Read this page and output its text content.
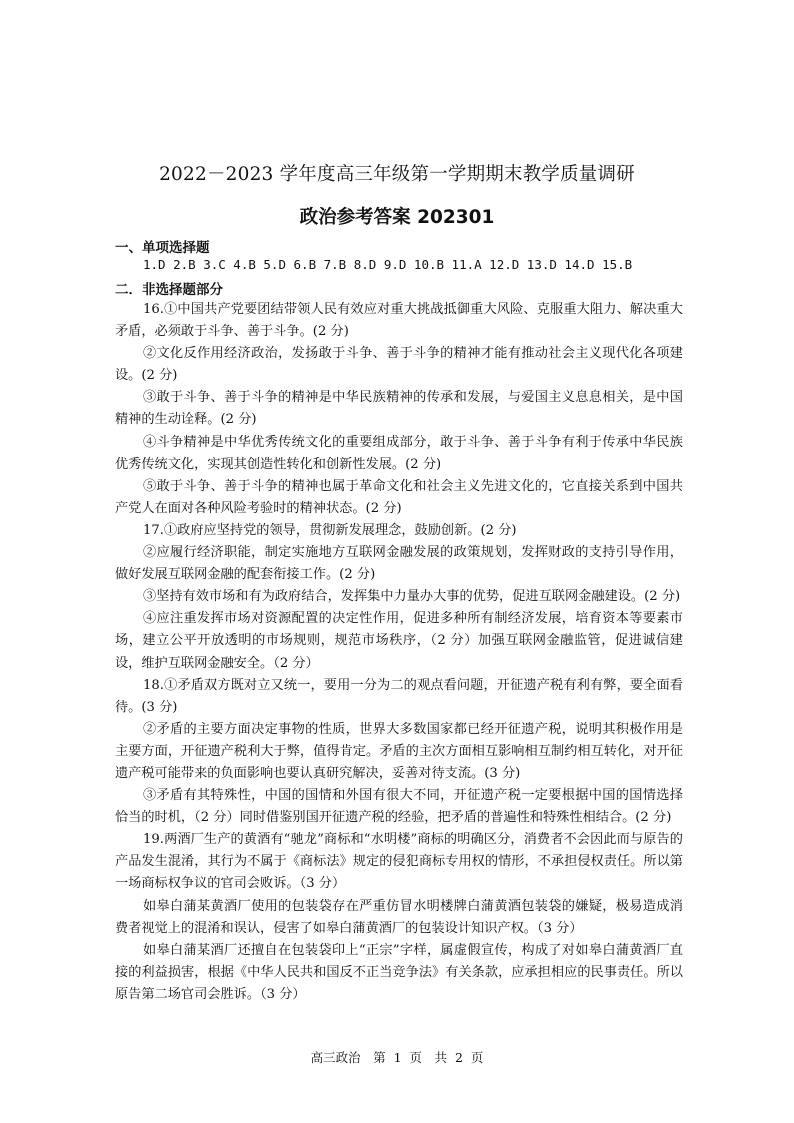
2022－2023 学年度高三年级第一学期期末教学质量调研
政治参考答案 202301
一、单项选择题
1.D 2.B 3.C 4.B 5.D 6.B 7.B 8.D 9.D 10.B 11.A 12.D 13.D 14.D 15.B
二．非选择题部分

16.①中国共产党要团结带领人民有效应对重大挑战抵御重大风险、克服重大阻力、解决重大矛盾，必须敢于斗争、善于斗争。(2 分)

②文化反作用经济政治，发扬敢于斗争、善于斗争的精神才能有推动社会主义现代化各项建设。(2 分)

③敢于斗争、善于斗争的精神是中华民族精神的传承和发展，与爱国主义息息相关，是中国精神的生动诠释。(2 分)

④斗争精神是中华优秀传统文化的重要组成部分，敢于斗争、善于斗争有利于传承中华民族优秀传统文化，实现其创造性转化和创新性发展。(2 分)

⑤敢于斗争、善于斗争的精神也属于革命文化和社会主义先进文化的，它直接关系到中国共产党人在面对各种风险考验时的精神状态。(2 分)

17.①政府应坚持党的领导，贯彻新发展理念，鼓励创新。(2 分)

②应履行经济职能，制定实施地方互联网金融发展的政策规划，发挥财政的支持引导作用，做好发展互联网金融的配套衔接工作。(2 分)

③坚持有效市场和有为政府结合，发挥集中力量办大事的优势，促进互联网金融建设。(2 分)

④应注重发挥市场对资源配置的决定性作用，促进多种所有制经济发展，培育资本等要素市场，建立公平开放透明的市场规则，规范市场秩序，（2 分）加强互联网金融监管，促进诚信建设，维护互联网金融安全。（2 分）

18.①矛盾双方既对立又统一，要用一分为二的观点看问题，开征遗产税有利有弊，要全面看待。(3 分)

②矛盾的主要方面决定事物的性质，世界大多数国家都已经开征遗产税，说明其积极作用是主要方面，开征遗产税利大于弊，值得肯定。矛盾的主次方面相互影响相互制约相互转化，对开征遗产税可能带来的负面影响也要认真研究解决，妥善对待支流。(3 分)

③矛盾有其特殊性，中国的国情和外国有很大不同，开征遗产税一定要根据中国的国情选择恰当的时机，（2 分）同时借鉴别国开征遗产税的经验，把矛盾的普遍性和特殊性相结合。(2 分)

19.两酒厂生产的黄酒有“驰龙”商标和“水明楼”商标的明确区分，消费者不会因此而与原告的产品发生混淆，其行为不属于《商标法》规定的侵犯商标专用权的情形，不承担侵权责任。所以第一场商标权争议的官司会败诉。（3 分）

如皋白蒲某黄酒厂使用的包装袋存在严重仿冒水明楼牌白蒲黄酒包装袋的嫌疑，极易造成消费者视觉上的混淆和误认，侵害了如皋白蒲黄酒厂的包装设计知识产权。（3 分）

如皋白蒲某酒厂还擅自在包装袋印上“正宗”字样，属虚假宣传，构成了对如皋白蒲黄酒厂直接的利益损害，根据《中华人民共和国反不正当竞争法》有关条款，应承担相应的民事责任。所以原告第二场官司会胜诉。（3 分）

高三政治　第 1 页　共 2 页
